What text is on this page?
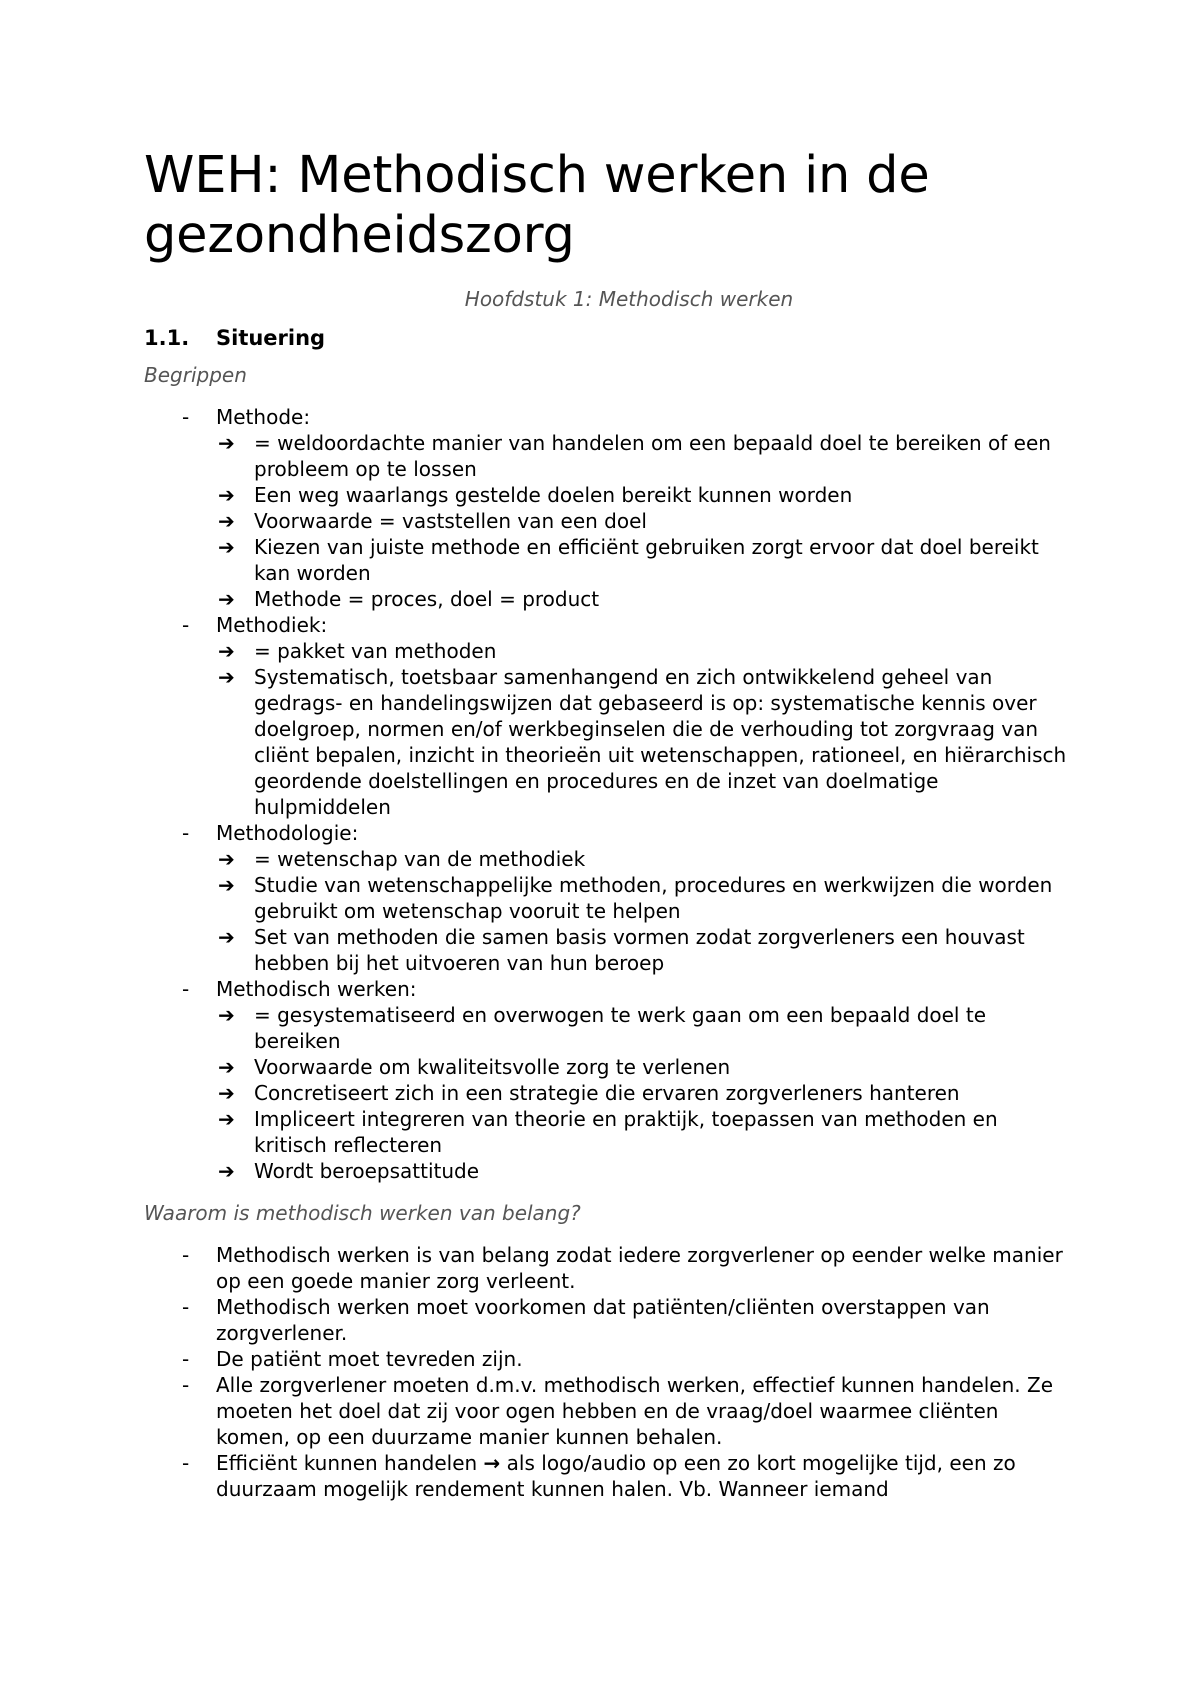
WEH: Methodisch werken in de gezondheidszorg
Hoofdstuk 1: Methodisch werken
1.1.	Situering
Begrippen
-	Methode:
➔ = weldoordachte manier van handelen om een bepaald doel te bereiken of een probleem op te lossen
➔ Een weg waarlangs gestelde doelen bereikt kunnen worden
➔ Voorwaarde = vaststellen van een doel
➔ Kiezen van juiste methode en efficiënt gebruiken zorgt ervoor dat doel bereikt kan worden
➔ Methode = proces, doel = product
-	Methodiek:
➔ = pakket van methoden
➔ Systematisch, toetsbaar samenhangend en zich ontwikkelend geheel van gedrags- en handelingswijzen dat gebaseerd is op: systematische kennis over doelgroep, normen en/of werkbeginselen die de verhouding tot zorgvraag van cliënt bepalen, inzicht in theorieën uit wetenschappen, rationeel, en hiërarchisch geordende doelstellingen en procedures en de inzet van doelmatige hulpmiddelen
-	Methodologie:
➔ = wetenschap van de methodiek
➔ Studie van wetenschappelijke methoden, procedures en werkwijzen die worden gebruikt om wetenschap vooruit te helpen
➔ Set van methoden die samen basis vormen zodat zorgverleners een houvast hebben bij het uitvoeren van hun beroep
-	Methodisch werken:
➔ = gesystematiseerd en overwogen te werk gaan om een bepaald doel te bereiken
➔ Voorwaarde om kwaliteitsvolle zorg te verlenen
➔ Concretiseert zich in een strategie die ervaren zorgverleners hanteren
➔ Impliceert integreren van theorie en praktijk, toepassen van methoden en kritisch reflecteren
➔ Wordt beroepsattitude
Waarom is methodisch werken van belang?
-	Methodisch werken is van belang zodat iedere zorgverlener op eender welke manier op een goede manier zorg verleent.
-	Methodisch werken moet voorkomen dat patiënten/cliënten overstappen van zorgverlener.
-	De patiënt moet tevreden zijn.
-	Alle zorgverlener moeten d.m.v. methodisch werken, effectief kunnen handelen. Ze moeten het doel dat zij voor ogen hebben en de vraag/doel waarmee cliënten komen, op een duurzame manier kunnen behalen.
-	Efficiënt kunnen handelen → als logo/audio op een zo kort mogelijke tijd, een zo duurzaam mogelijk rendement kunnen halen. Vb. Wanneer iemand
